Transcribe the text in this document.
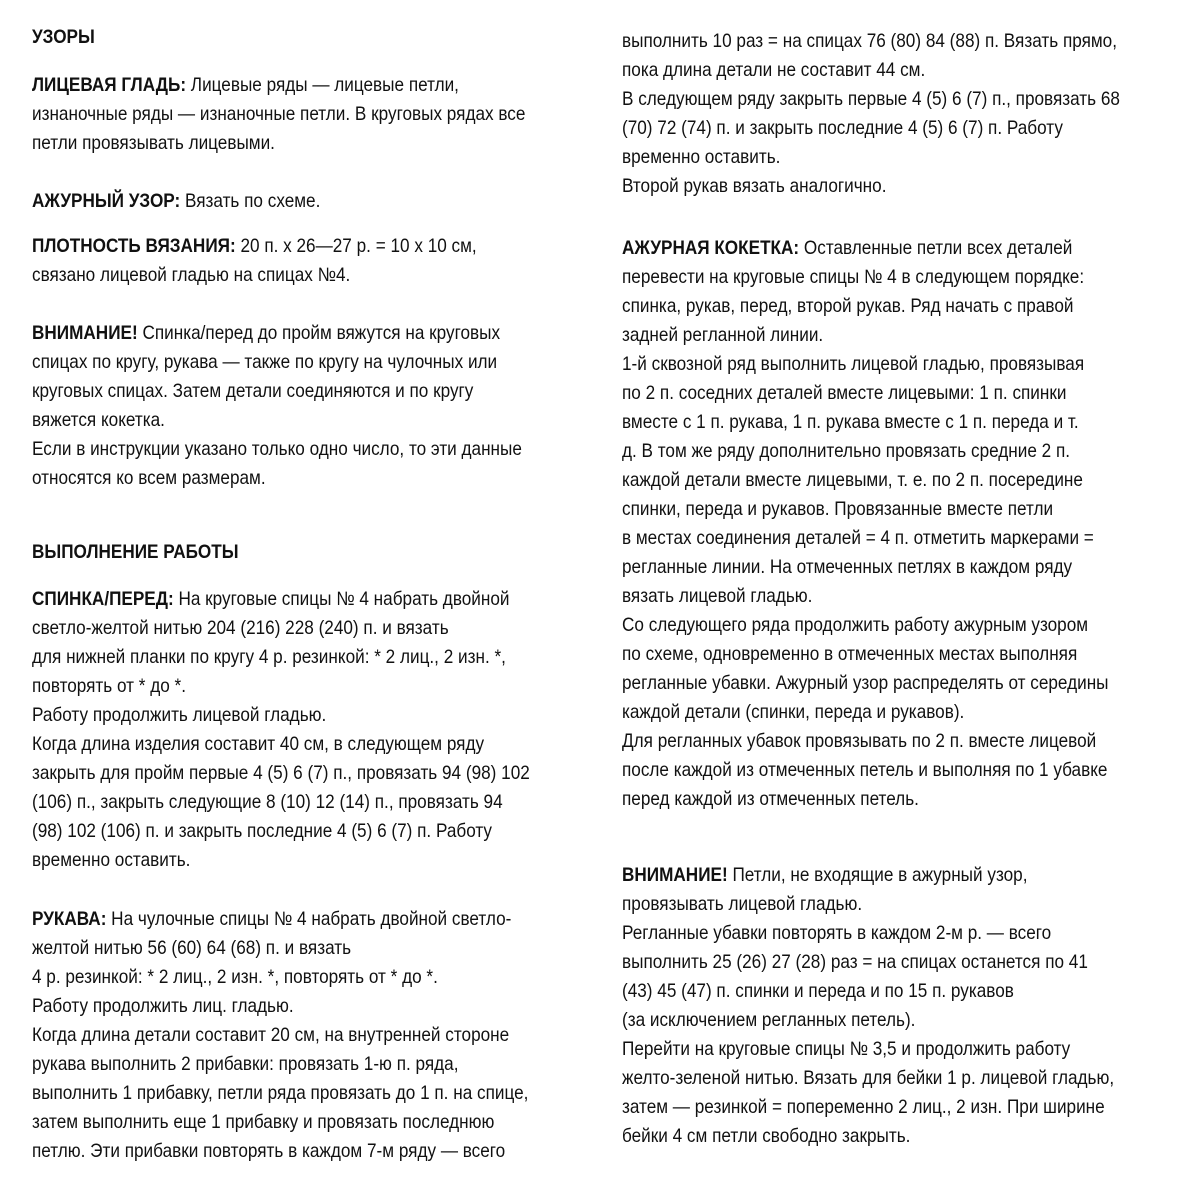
УЗОРЫ
ЛИЦЕВАЯ ГЛАДЬ: Лицевые ряды — лицевые петли,
изнаночные ряды — изнаночные петли. В круговых рядах все
петли провязывать лицевыми.
АЖУРНЫЙ УЗОР: Вязать по схеме.
ПЛОТНОСТЬ ВЯЗАНИЯ: 20 п. х 26—27 р. = 10 х 10 см,
связано лицевой гладью на спицах №4.
ВНИМАНИЕ! Спинка/перед до пройм вяжутся на круговых
спицах по кругу, рукава — также по кругу на чулочных или
круговых спицах. Затем детали соединяются и по кругу
вяжется кокетка.
Если в инструкции указано только одно число, то эти данные
относятся ко всем размерам.
ВЫПОЛНЕНИЕ РАБОТЫ
СПИНКА/ПЕРЕД: На круговые спицы № 4 набрать двойной
светло-желтой нитью 204 (216) 228 (240) п. и вязать
для нижней планки по кругу 4 р. резинкой: * 2 лиц., 2 изн. *,
повторять от * до *.
Работу продолжить лицевой гладью.
Когда длина изделия составит 40 см, в следующем ряду
закрыть для пройм первые 4 (5) 6 (7) п., провязать 94 (98) 102
(106) п., закрыть следующие 8 (10) 12 (14) п., провязать 94
(98) 102 (106) п. и закрыть последние 4 (5) 6 (7) п. Работу
временно оставить.
РУКАВА: На чулочные спицы № 4 набрать двойной светло-
желтой нитью 56 (60) 64 (68) п. и вязать
4 р. резинкой: * 2 лиц., 2 изн. *, повторять от * до *.
Работу продолжить лиц. гладью.
Когда длина детали составит 20 см, на внутренней стороне
рукава выполнить 2 прибавки: провязать 1-ю п. ряда,
выполнить 1 прибавку, петли ряда провязать до 1 п. на спице,
затем выполнить еще 1 прибавку и провязать последнюю
петлю. Эти прибавки повторять в каждом 7-м ряду — всего
выполнить 10 раз = на спицах 76 (80) 84 (88) п. Вязать прямо,
пока длина детали не составит 44 см.
В следующем ряду закрыть первые 4 (5) 6 (7) п., провязать 68
(70) 72 (74) п. и закрыть последние 4 (5) 6 (7) п. Работу
временно оставить.
Второй рукав вязать аналогично.
АЖУРНАЯ КОКЕТКА: Оставленные петли всех деталей
перевести на круговые спицы № 4 в следующем порядке:
спинка, рукав, перед, второй рукав. Ряд начать с правой
задней регланной линии.
1-й сквозной ряд выполнить лицевой гладью, провязывая
по 2 п. соседних деталей вместе лицевыми: 1 п. спинки
вместе с 1 п. рукава, 1 п. рукава вместе с 1 п. переда и т.
д. В том же ряду дополнительно провязать средние 2 п.
каждой детали вместе лицевыми, т. е. по 2 п. посередине
спинки, переда и рукавов. Провязанные вместе петли
в местах соединения деталей = 4 п. отметить маркерами =
регланные линии. На отмеченных петлях в каждом ряду
вязать лицевой гладью.
Со следующего ряда продолжить работу ажурным узором
по схеме, одновременно в отмеченных местах выполняя
регланные убавки. Ажурный узор распределять от середины
каждой детали (спинки, переда и рукавов).
Для регланных убавок провязывать по 2 п. вместе лицевой
после каждой из отмеченных петель и выполняя по 1 убавке
перед каждой из отмеченных петель.
ВНИМАНИЕ! Петли, не входящие в ажурный узор,
провязывать лицевой гладью.
Регланные убавки повторять в каждом 2-м р. — всего
выполнить 25 (26) 27 (28) раз = на спицах останется по 41
(43) 45 (47) п. спинки и переда и по 15 п. рукавов
(за исключением регланных петель).
Перейти на круговые спицы № 3,5 и продолжить работу
желто-зеленой нитью. Вязать для бейки 1 р. лицевой гладью,
затем — резинкой = попеременно 2 лиц., 2 изн. При ширине
бейки 4 см петли свободно закрыть.
